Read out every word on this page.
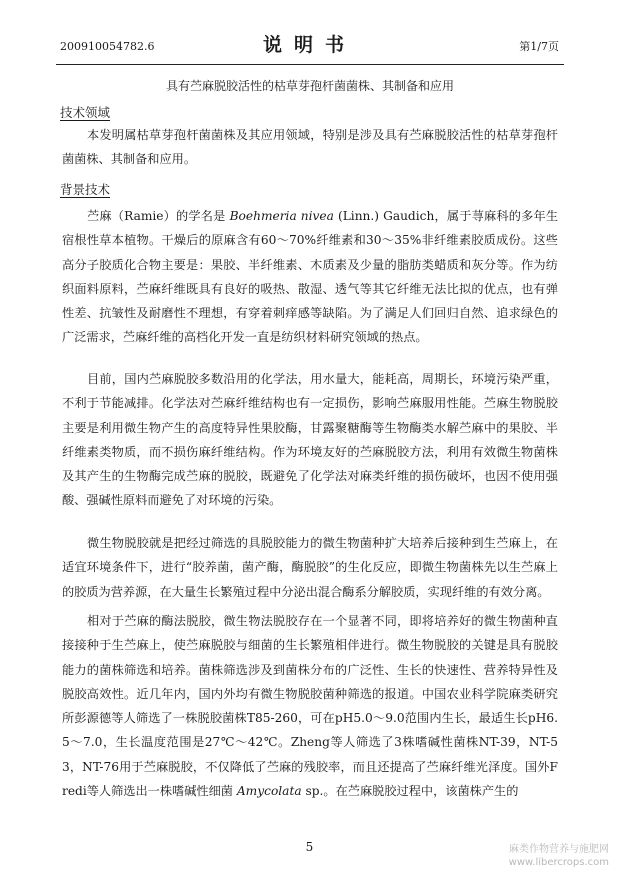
200910054782.6	说明书	第1/7页
具有苎麻脱胶活性的枯草芽孢杆菌菌株、其制备和应用
技术领域

本发明属枯草芽孢杆菌菌株及其应用领域，特别是涉及具有苎麻脱胶活性的枯草芽孢杆菌菌株、其制备和应用。

背景技术

苎麻（Ramie）的学名是 Boehmeria nivea (Linn.) Gaudich，属于荨麻科的多年生宿根性草本植物。干燥后的原麻含有60～70%纤维素和30～35%非纤维素胶质成份。这些高分子胶质化合物主要是：果胶、半纤维素、木质素及少量的脂肪类蜡质和灰分等。作为纺织面料原料，苎麻纤维既具有良好的吸热、散湿、透气等其它纤维无法比拟的优点，也有弹性差、抗皱性及耐磨性不理想，有穿着刺痒感等缺陷。为了满足人们回归自然、追求绿色的广泛需求，苎麻纤维的高档化开发一直是纺织材料研究领域的热点。

目前，国内苎麻脱胶多数沿用的化学法，用水量大，能耗高，周期长，环境污染严重，不利于节能减排。化学法对苎麻纤维结构也有一定损伤，影响苎麻服用性能。苎麻生物脱胶主要是利用微生物产生的高度特异性果胶酶，甘露聚糖酶等生物酶类水解苎麻中的果胶、半纤维素类物质，而不损伤麻纤维结构。作为环境友好的苎麻脱胶方法，利用有效微生物菌株及其产生的生物酶完成苎麻的脱胶，既避免了化学法对麻类纤维的损伤破坏，也因不使用强酸、强碱性原料而避免了对环境的污染。

微生物脱胶就是把经过筛选的具脱胶能力的微生物菌种扩大培养后接种到生苎麻上，在适宜环境条件下，进行“胶养菌，菌产酶，酶脱胶”的生化反应，即微生物菌株先以生苎麻上的胶质为营养源，在大量生长繁殖过程中分泌出混合酶系分解胶质，实现纤维的有效分离。

相对于苎麻的酶法脱胶，微生物法脱胶存在一个显著不同，即将培养好的微生物菌种直接接种于生苎麻上，使苎麻脱胶与细菌的生长繁殖相伴进行。微生物脱胶的关键是具有脱胶能力的菌株筛选和培养。菌株筛选涉及到菌株分布的广泛性、生长的快速性、营养特异性及脱胶高效性。近几年内，国内外均有微生物脱胶菌种筛选的报道。中国农业科学院麻类研究所彭源德等人筛选了一株脱胶菌株T85-260，可在pH5.0～9.0范围内生长，最适生长pH6.5～7.0，生长温度范围是27℃～42℃。Zheng等人筛选了3株嗜碱性菌株NT-39，NT-53，NT-76用于苎麻脱胶，不仅降低了苎麻的残胶率，而且还提高了苎麻纤维光泽度。国外Fredi等人筛选出一株嗜碱性细菌 Amycolata sp.。在苎麻脱胶过程中，该菌株产生的

5	麻类作物营养与施肥网
www.libercrops.com
